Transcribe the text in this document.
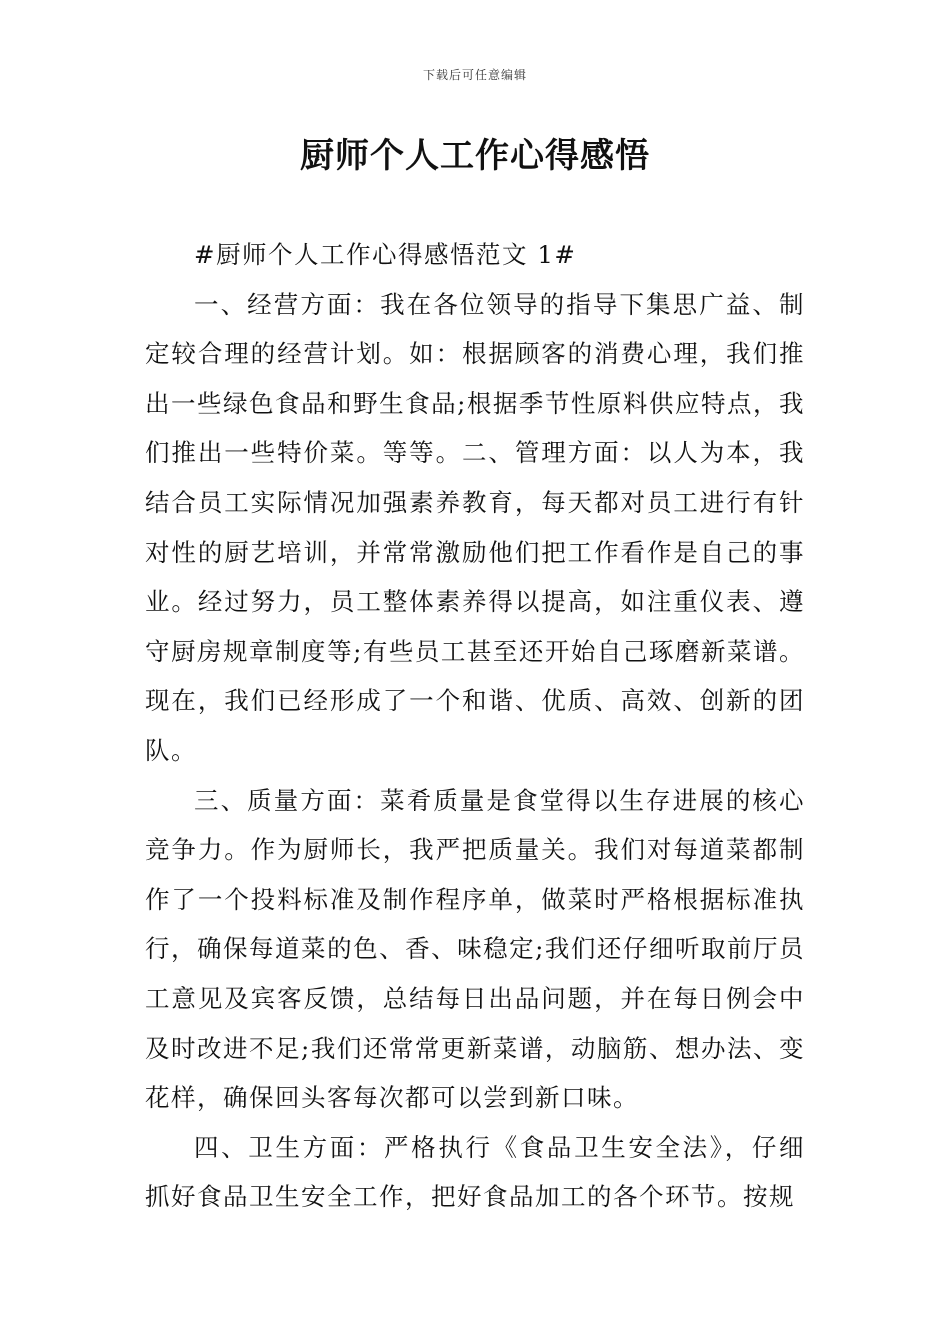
下载后可任意编辑
厨师个人工作心得感悟

#厨师个人工作心得感悟范文 1#

一、经营方面：我在各位领导的指导下集思广益、制定较合理的经营计划。如：根据顾客的消费心理，我们推出一些绿色食品和野生食品;根据季节性原料供应特点，我们推出一些特价菜。等等。二、管理方面：以人为本，我结合员工实际情况加强素养教育，每天都对员工进行有针对性的厨艺培训，并常常激励他们把工作看作是自己的事业。经过努力，员工整体素养得以提高，如注重仪表、遵守厨房规章制度等;有些员工甚至还开始自己琢磨新菜谱。现在，我们已经形成了一个和谐、优质、高效、创新的团队。

三、质量方面：菜肴质量是食堂得以生存进展的核心竞争力。作为厨师长，我严把质量关。我们对每道菜都制作了一个投料标准及制作程序单，做菜时严格根据标准执行，确保每道菜的色、香、味稳定;我们还仔细听取前厅员工意见及宾客反馈，总结每日出品问题，并在每日例会中及时改进不足;我们还常常更新菜谱，动脑筋、想办法、变花样，确保回头客每次都可以尝到新口味。

四、卫生方面：严格执行《食品卫生安全法》，仔细抓好食品卫生安全工作，把好食品加工的各个环节。按规
